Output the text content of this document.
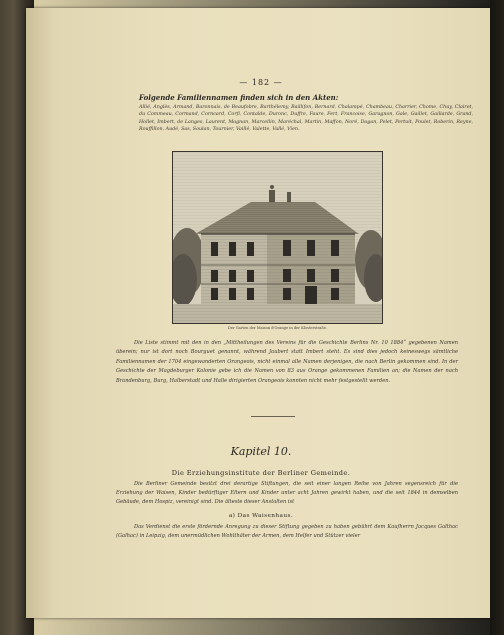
— 182 —
Folgende Familiennamen finden sich in den Akten:
Allié, Anglès, Armand, Baronnais, de Beaufobre, Barthélemy, Baillifon, Bernard, Chalampé, Chambeau, Charrier, Chome, Chuy, Clairet, du Commeau, Cormand, Corncard, Corfi, Contalde, Duronc, Duffre, Faure, Fert, Francoise, Garagnon, Gale, Gaillet, Gaillarde, Grand, Hollet, Imbert, de Langes, Laurent, Magnan, Marcellin, Maréchal, Martin, Maffon, Noré, Dagan, Pelet, Pertuit, Poulet, Roberin, Reyne, Rouffillon, Audé, Sas, Soulan, Tournier, Vaillé, Valette, Vallé, Vien.
Der Garten der Maison d'Orange in der Klosterstraße.
Die Liste stimmt mit den in den „Mittheilungen des Vereins für die Geschichte Berlins Nr. 10 1884“ gegebenen Namen überein; nur ist dort noch Bourguet genannt, während Jaubert statt Imbert steht. Es sind dies jedoch keineswegs sämtliche Familiennamen der 1704 eingewanderten Orangeois, nicht einmal alle Namen derjenigen, die nach Berlin gekommen sind. In der Geschichte der Magdeburger Kolonie gebe ich die Namen von 83 aus Orange gekommenen Familien an; die Namen der nach Brandenburg, Burg, Halberstadt und Halle dirigierten Orangeois konnten nicht mehr festgestellt werden.
Kapitel 10.
Die Erziehungsinstitute der Berliner Gemeinde.
Die Berliner Gemeinde besitzt drei derartige Stiftungen, die seit einer langen Reihe von Jahren segensreich für die Erziehung der Waisen, Kinder bedürftiger Eltern und Kinder unter acht Jahren gewirkt haben, und die seit 1844 in demselben Gebäude, dem Hospiz, vereinigt sind. Die älteste dieser Anstalten ist
a) Das Waisenhaus.
Das Verdienst die erste fördernde Anregung zu dieser Stiftung gegeben zu haben gebührt dem Kaufherrn Jacques Galthac (Galhac) in Leipzig, dem unermüdlichen Wohlthäter der Armen, dem Helfer und Stützer vieler
